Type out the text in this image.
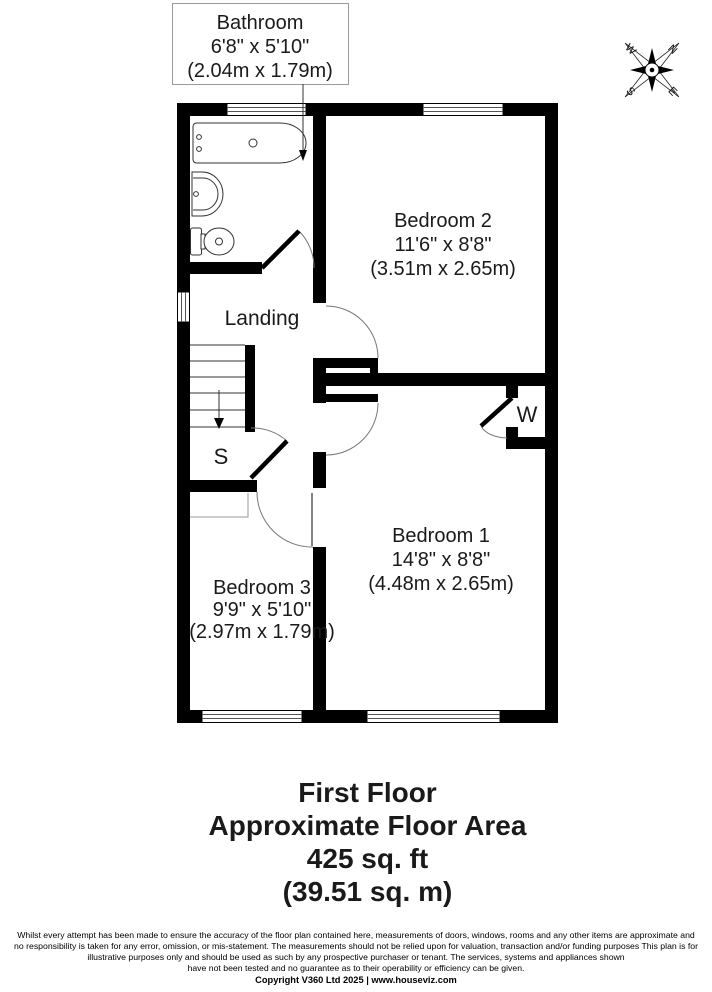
Bathroom
6'8" x 5'10"
(2.04m x 1.79m)
N
E
S
W
Bedroom 2
11'6" x 8'8"
(3.51m x 2.65m)
Bedroom 1
14'8" x 8'8"
(4.48m x 2.65m)
Bedroom 3
9'9" x 5'10"
(2.97m x 1.79m)
Landing
S
W
First Floor
Approximate Floor Area
425 sq. ft
(39.51 sq. m)
Whilst every attempt has been made to ensure the accuracy of the floor plan contained here, measurements of doors, windows, rooms and any other items are approximate and
no responsibility is taken for any error, omission, or mis-statement. The measurements should not be relied upon for valuation, transaction and/or funding purposes This plan is for
illustrative purposes only and should be used as such by any prospective purchaser or tenant. The services, systems and appliances shown
have not been tested and no guarantee as to their operability or efficiency can be given.
Copyright V360 Ltd 2025 | www.houseviz.com
